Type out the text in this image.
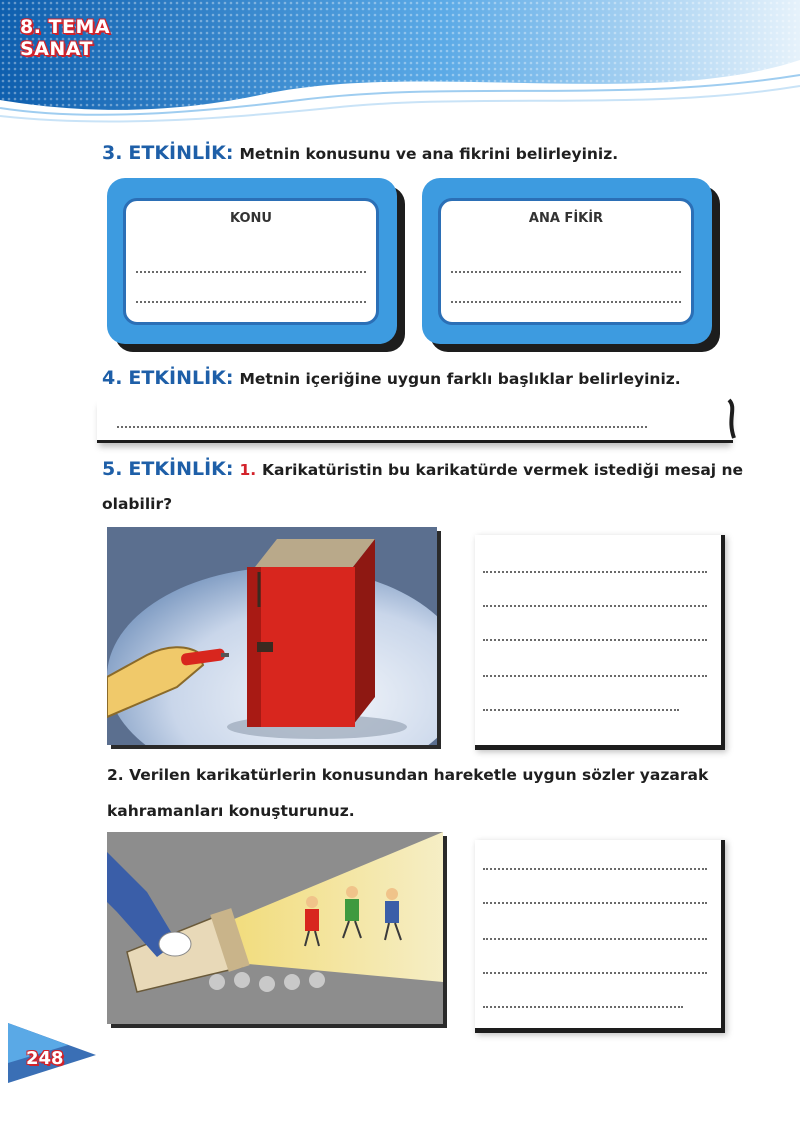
8. TEMA
SANAT
3. ETKİNLİK: Metnin konusunu ve ana fikrini belirleyiniz.
KONU	ANA FİKİR
4. ETKİNLİK: Metnin içeriğine uygun farklı başlıklar belirleyiniz.
5. ETKİNLİK: 1. Karikatüristin bu karikatürde vermek istediği mesaj ne
olabilir?
2. Verilen karikatürlerin konusundan hareketle uygun sözler yazarak
kahramanları konuşturunuz.
248
